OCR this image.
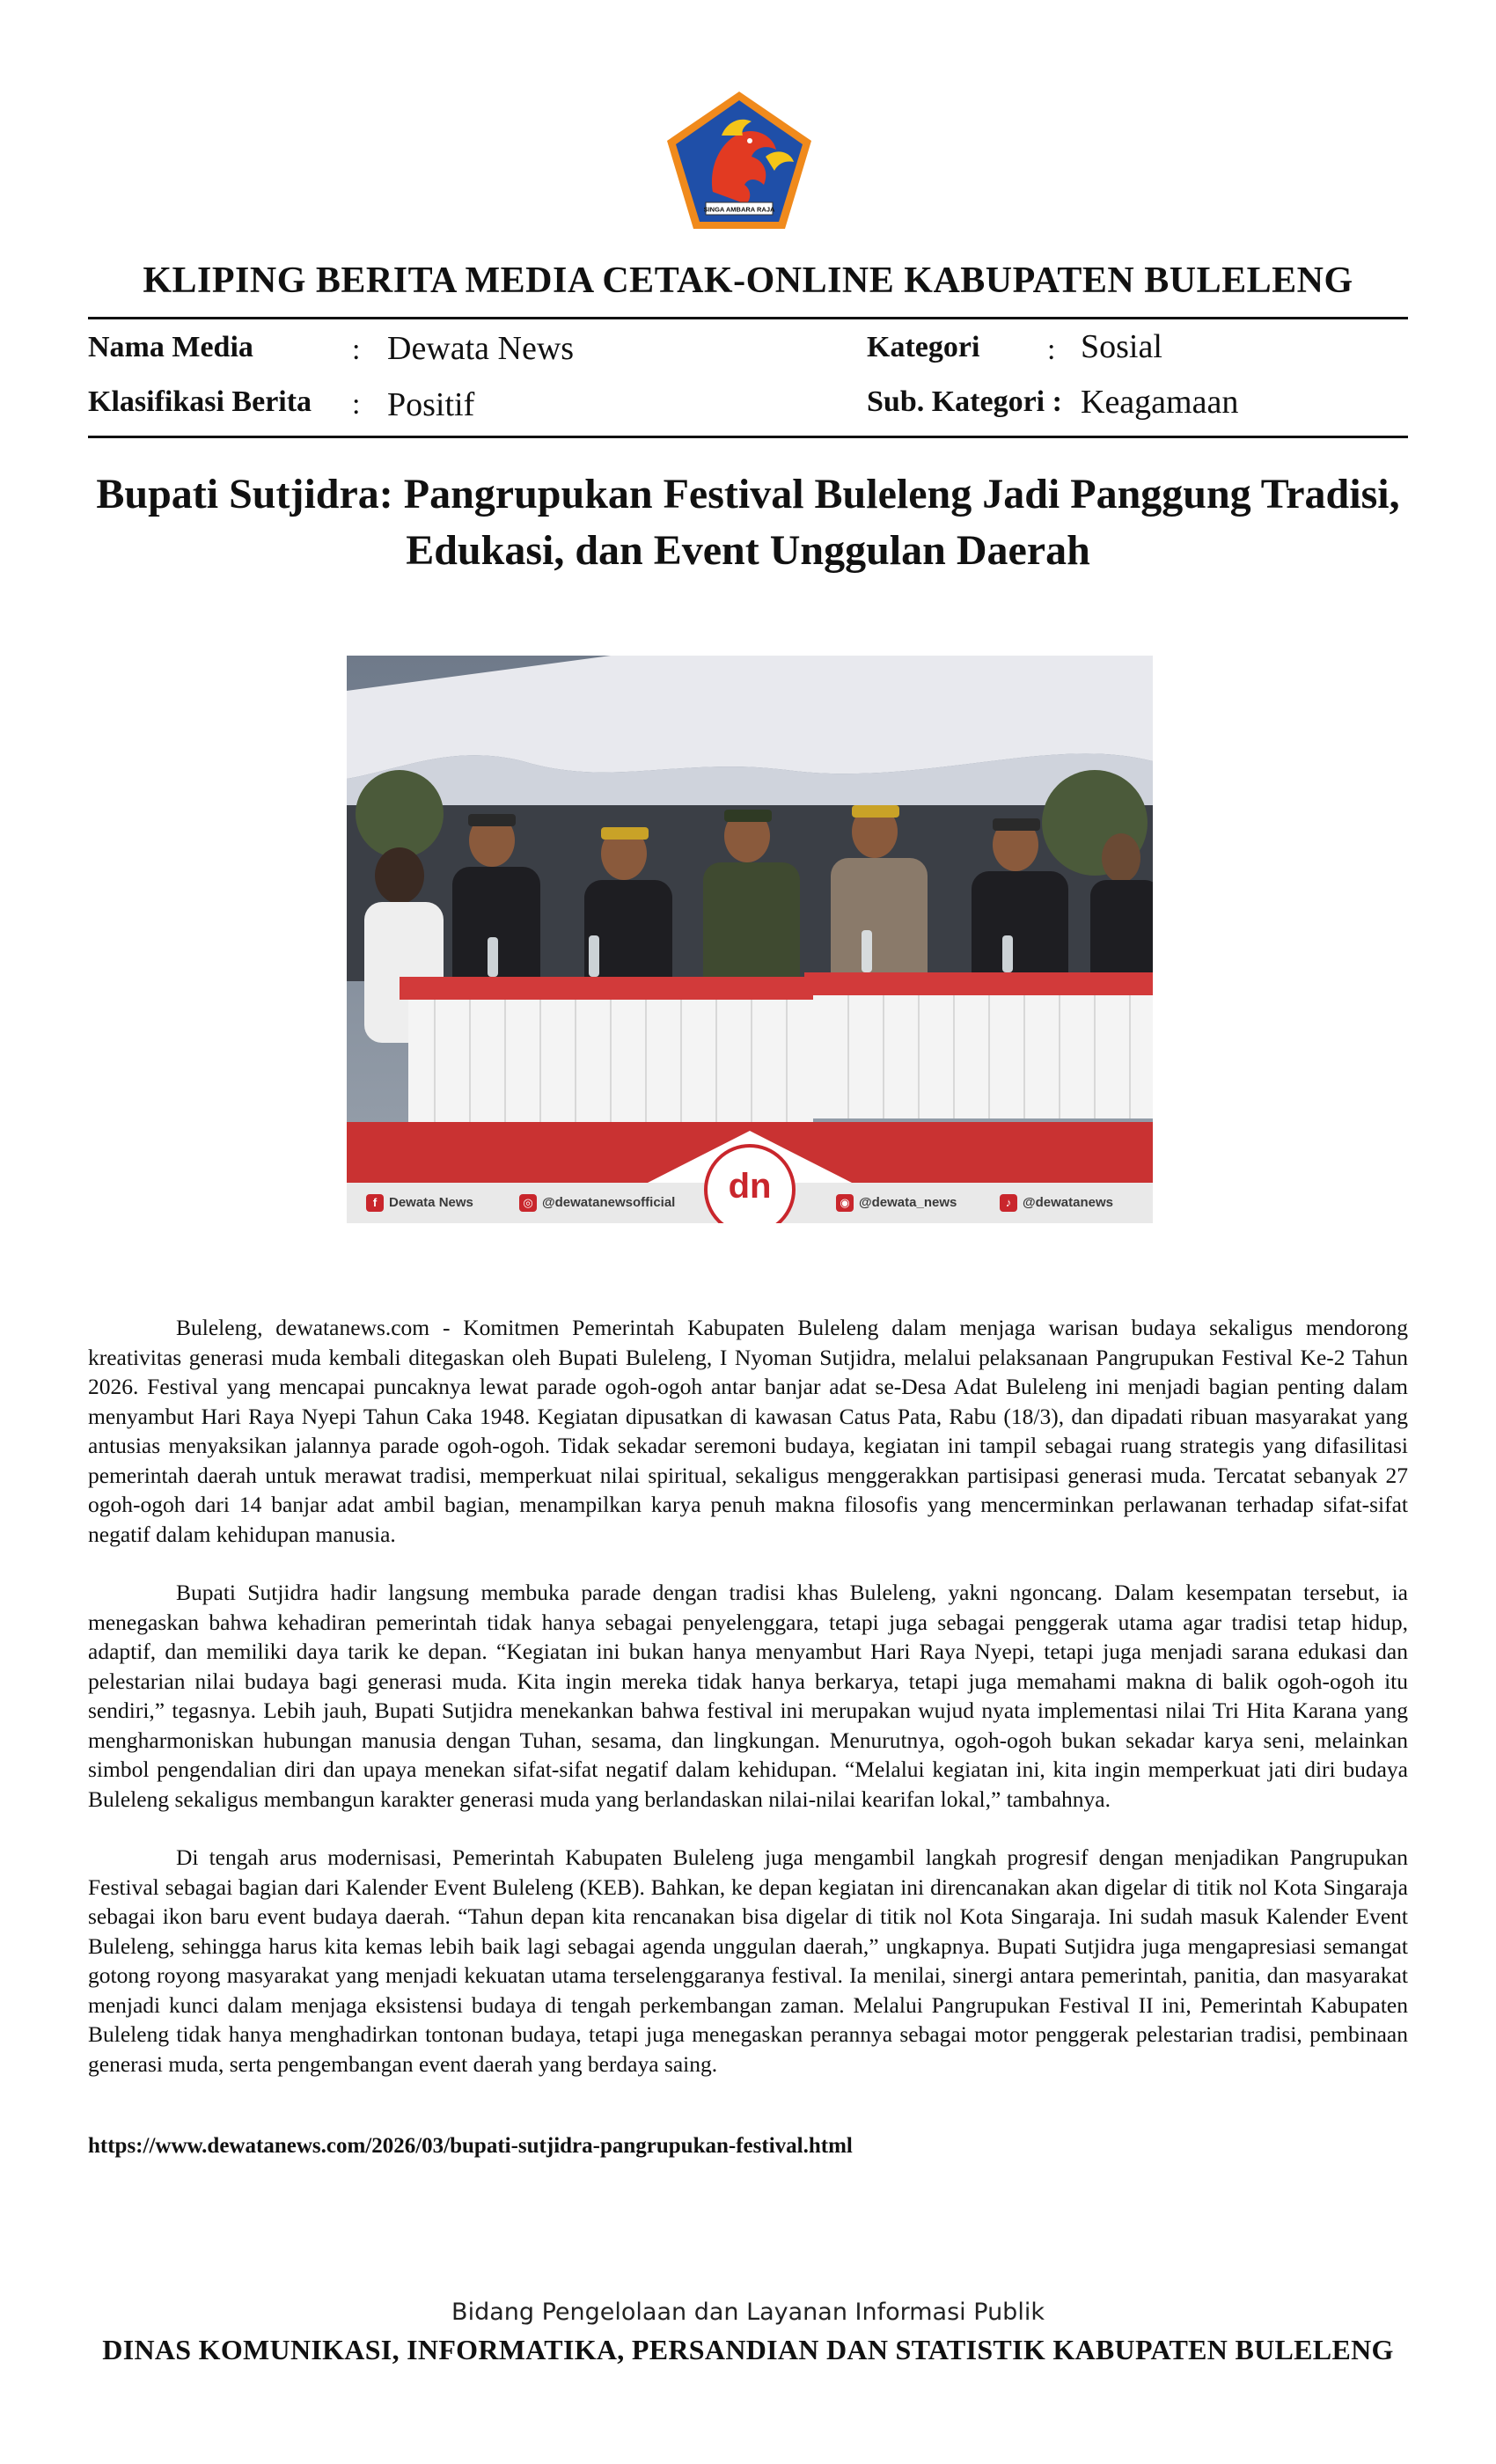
SINGA AMBARA RAJA
KLIPING BERITA MEDIA CETAK-ONLINE KABUPATEN BULELENG
Nama Media	: Dewata News	Kategori : Sosial
Klasifikasi Berita : Positif	Sub. Kategori : Keagamaan
Bupati Sutjidra: Pangrupukan Festival Buleleng Jadi Panggung Tradisi,
Edukasi, dan Event Unggulan Daerah
dn
f Dewata News	◎ @dewatanewsofficial	◉ @dewata_news	♪ @dewatanews

Buleleng, dewatanews.com - Komitmen Pemerintah Kabupaten Buleleng dalam menjaga warisan budaya sekaligus mendorong kreativitas generasi muda kembali ditegaskan oleh Bupati Buleleng, I Nyoman Sutjidra, melalui pelaksanaan Pangrupukan Festival Ke-2 Tahun 2026. Festival yang mencapai puncaknya lewat parade ogoh-ogoh antar banjar adat se-Desa Adat Buleleng ini menjadi bagian penting dalam menyambut Hari Raya Nyepi Tahun Caka 1948. Kegiatan dipusatkan di kawasan Catus Pata, Rabu (18/3), dan dipadati ribuan masyarakat yang antusias menyaksikan jalannya parade ogoh-ogoh. Tidak sekadar seremoni budaya, kegiatan ini tampil sebagai ruang strategis yang difasilitasi pemerintah daerah untuk merawat tradisi, memperkuat nilai spiritual, sekaligus menggerakkan partisipasi generasi muda. Tercatat sebanyak 27 ogoh-ogoh dari 14 banjar adat ambil bagian, menampilkan karya penuh makna filosofis yang mencerminkan perlawanan terhadap sifat-sifat negatif dalam kehidupan manusia.

Bupati Sutjidra hadir langsung membuka parade dengan tradisi khas Buleleng, yakni ngoncang. Dalam kesempatan tersebut, ia menegaskan bahwa kehadiran pemerintah tidak hanya sebagai penyelenggara, tetapi juga sebagai penggerak utama agar tradisi tetap hidup, adaptif, dan memiliki daya tarik ke depan. “Kegiatan ini bukan hanya menyambut Hari Raya Nyepi, tetapi juga menjadi sarana edukasi dan pelestarian nilai budaya bagi generasi muda. Kita ingin mereka tidak hanya berkarya, tetapi juga memahami makna di balik ogoh-ogoh itu sendiri,” tegasnya. Lebih jauh, Bupati Sutjidra menekankan bahwa festival ini merupakan wujud nyata implementasi nilai Tri Hita Karana yang mengharmoniskan hubungan manusia dengan Tuhan, sesama, dan lingkungan. Menurutnya, ogoh-ogoh bukan sekadar karya seni, melainkan simbol pengendalian diri dan upaya menekan sifat-sifat negatif dalam kehidupan. “Melalui kegiatan ini, kita ingin memperkuat jati diri budaya Buleleng sekaligus membangun karakter generasi muda yang berlandaskan nilai-nilai kearifan lokal,” tambahnya.

Di tengah arus modernisasi, Pemerintah Kabupaten Buleleng juga mengambil langkah progresif dengan menjadikan Pangrupukan Festival sebagai bagian dari Kalender Event Buleleng (KEB). Bahkan, ke depan kegiatan ini direncanakan akan digelar di titik nol Kota Singaraja sebagai ikon baru event budaya daerah. “Tahun depan kita rencanakan bisa digelar di titik nol Kota Singaraja. Ini sudah masuk Kalender Event Buleleng, sehingga harus kita kemas lebih baik lagi sebagai agenda unggulan daerah,” ungkapnya. Bupati Sutjidra juga mengapresiasi semangat gotong royong masyarakat yang menjadi kekuatan utama terselenggaranya festival. Ia menilai, sinergi antara pemerintah, panitia, dan masyarakat menjadi kunci dalam menjaga eksistensi budaya di tengah perkembangan zaman. Melalui Pangrupukan Festival II ini, Pemerintah Kabupaten Buleleng tidak hanya menghadirkan tontonan budaya, tetapi juga menegaskan perannya sebagai motor penggerak pelestarian tradisi, pembinaan generasi muda, serta pengembangan event daerah yang berdaya saing.

https://www.dewatanews.com/2026/03/bupati-sutjidra-pangrupukan-festival.html
Bidang Pengelolaan dan Layanan Informasi Publik
DINAS KOMUNIKASI, INFORMATIKA, PERSANDIAN DAN STATISTIK KABUPATEN BULELENG
